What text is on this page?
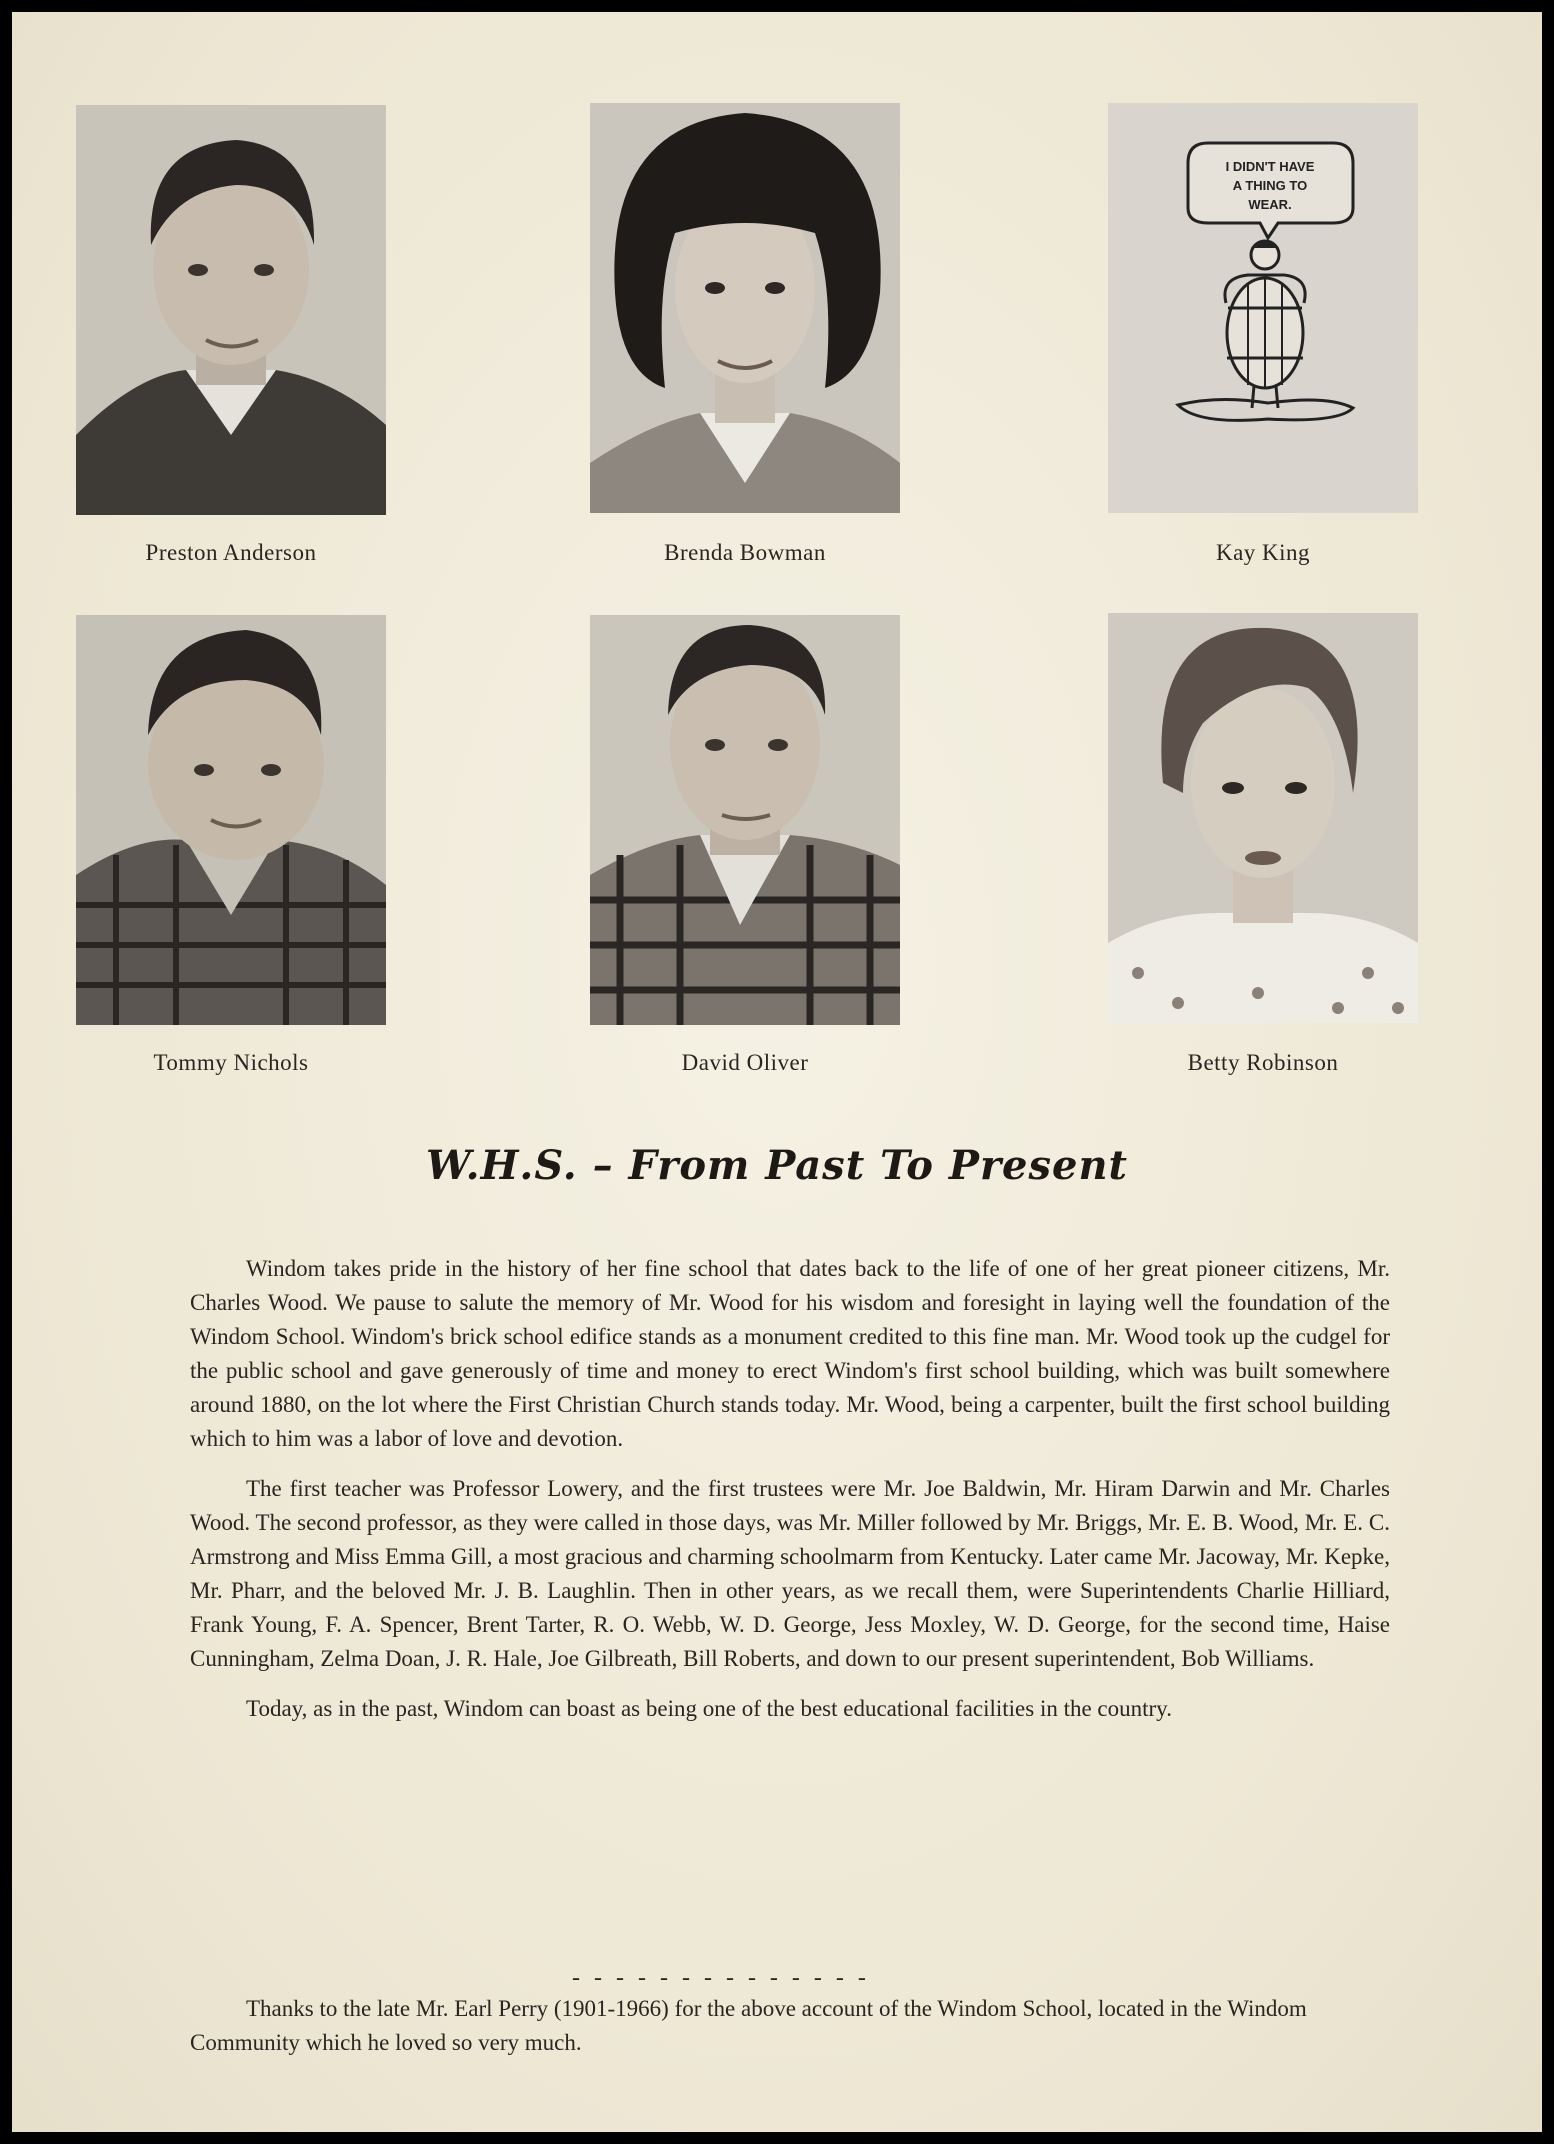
Preston Anderson	Brenda Bowman
I DIDN'T HAVE
A THING TO
WEAR.
Kay King
Tommy Nichols	David Oliver	Betty Robinson
W.H.S. – From Past To Present

Windom takes pride in the history of her fine school that dates back to the life of one of her great pioneer citizens, Mr. Charles Wood. We pause to salute the memory of Mr. Wood for his wisdom and foresight in laying well the foundation of the Windom School. Windom's brick school edifice stands as a monument credited to this fine man. Mr. Wood took up the cudgel for the public school and gave generously of time and money to erect Windom's first school building, which was built somewhere around 1880, on the lot where the First Christian Church stands today. Mr. Wood, being a carpenter, built the first school building which to him was a labor of love and devotion.

The first teacher was Professor Lowery, and the first trustees were Mr. Joe Baldwin, Mr. Hiram Darwin and Mr. Charles Wood. The second professor, as they were called in those days, was Mr. Miller followed by Mr. Briggs, Mr. E. B. Wood, Mr. E. C. Armstrong and Miss Emma Gill, a most gracious and charming schoolmarm from Kentucky. Later came Mr. Jacoway, Mr. Kepke, Mr. Pharr, and the beloved Mr. J. B. Laughlin. Then in other years, as we recall them, were Superintendents Charlie Hilliard, Frank Young, F. A. Spencer, Brent Tarter, R. O. Webb, W. D. George, Jess Moxley, W. D. George, for the second time, Haise Cunningham, Zelma Doan, J. R. Hale, Joe Gilbreath, Bill Roberts, and down to our present superintendent, Bob Williams.

Today, as in the past, Windom can boast as being one of the best educational facilities in the country.

- - - - - - - - - - - - - -

Thanks to the late Mr. Earl Perry (1901-1966) for the above account of the Windom School, located in the Windom Community which he loved so very much.
